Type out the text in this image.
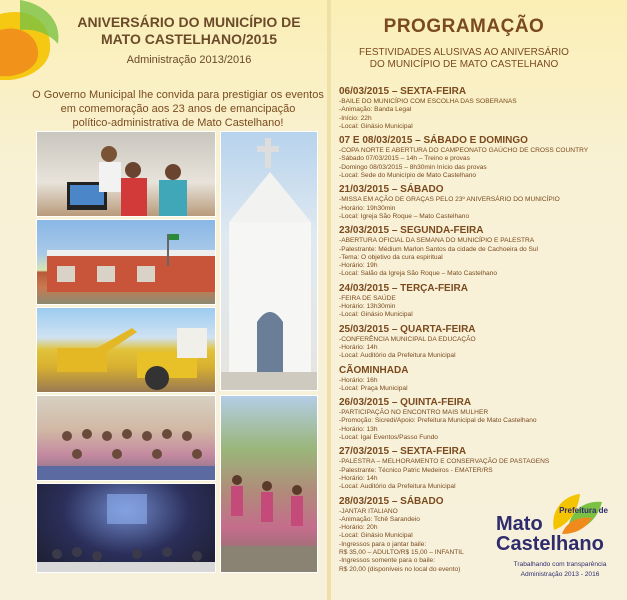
ANIVERSÁRIO DO MUNICÍPIO DE
MATO CASTELHANO/2015
Administração 2013/2016
O Governo Municipal lhe convida para prestigiar os eventos
em comemoração aos 23 anos de emancipação
político-administrativa de Mato Castelhano!
PROGRAMAÇÃO
FESTIVIDADES ALUSIVAS AO ANIVERSÁRIO
DO MUNICÍPIO DE MATO CASTELHANO
06/03/2015 – SEXTA-FEIRA
-BAILE DO MUNICÍPIO COM ESCOLHA DAS SOBERANAS
-Animação: Banda Legal
-Início: 22h
-Local: Ginásio Municipal
07 E 08/03/2015 – SÁBADO E DOMINGO
-COPA NORTE E ABERTURA DO CAMPEONATO GAÚCHO DE CROSS COUNTRY
-Sábado 07/03/2015 – 14h – Treino e provas
-Domingo 08/03/2015 – 8h30min Início das provas
-Local: Sede do Município de Mato Castelhano
21/03/2015 – SÁBADO
-MISSA EM AÇÃO DE GRAÇAS PELO 23º ANIVERSÁRIO DO MUNICÍPIO
-Horário: 19h30min
-Local: Igreja São Roque – Mato Castelhano
23/03/2015 – SEGUNDA-FEIRA
-ABERTURA OFICIAL DA SEMANA DO MUNICÍPIO E PALESTRA
-Palestrante: Médium Marlon Santos da cidade de Cachoeira do Sul
-Tema: O objetivo da cura espiritual
-Horário: 19h
-Local: Salão da Igreja São Roque – Mato Castelhano
24/03/2015 – TERÇA-FEIRA
-FEIRA DE SAÚDE
-Horário: 13h30min
-Local: Ginásio Municipal
25/03/2015 – QUARTA-FEIRA
-CONFERÊNCIA MUNICIPAL DA EDUCAÇÃO
-Horário: 14h
-Local: Auditório da Prefeitura Municipal
CÃOMINHADA
-Horário: 16h
-Local: Praça Municipal
26/03/2015 – QUINTA-FEIRA
-PARTICIPAÇÃO NO ENCONTRO MAIS MULHER
-Promoção: Sicredi/Apoio: Prefeitura Municipal de Mato Castelhano
-Horário: 13h
-Local: Igaí Eventos/Passo Fundo
27/03/2015 – SEXTA-FEIRA
-PALESTRA – MELHORAMENTO E CONSERVAÇÃO DE PASTAGENS
-Palestrante: Técnico Patric Medeiros - EMATER/RS
-Horário: 14h
-Local: Auditório da Prefeitura Municipal
28/03/2015 – SÁBADO
-JANTAR ITALIANO
-Animação: Tchê Sarandeio
-Horário: 20h
-Local: Ginásio Municipal
-Ingressos para o jantar baile:
R$ 35,00 – ADULTO/R$ 15,00 – INFANTIL
-Ingressos somente para o baile:
R$ 20,00 (disponíveis no local do evento)
Prefeitura de
Mato
Castelhano
Trabalhando com transparência
Administração 2013 - 2016
